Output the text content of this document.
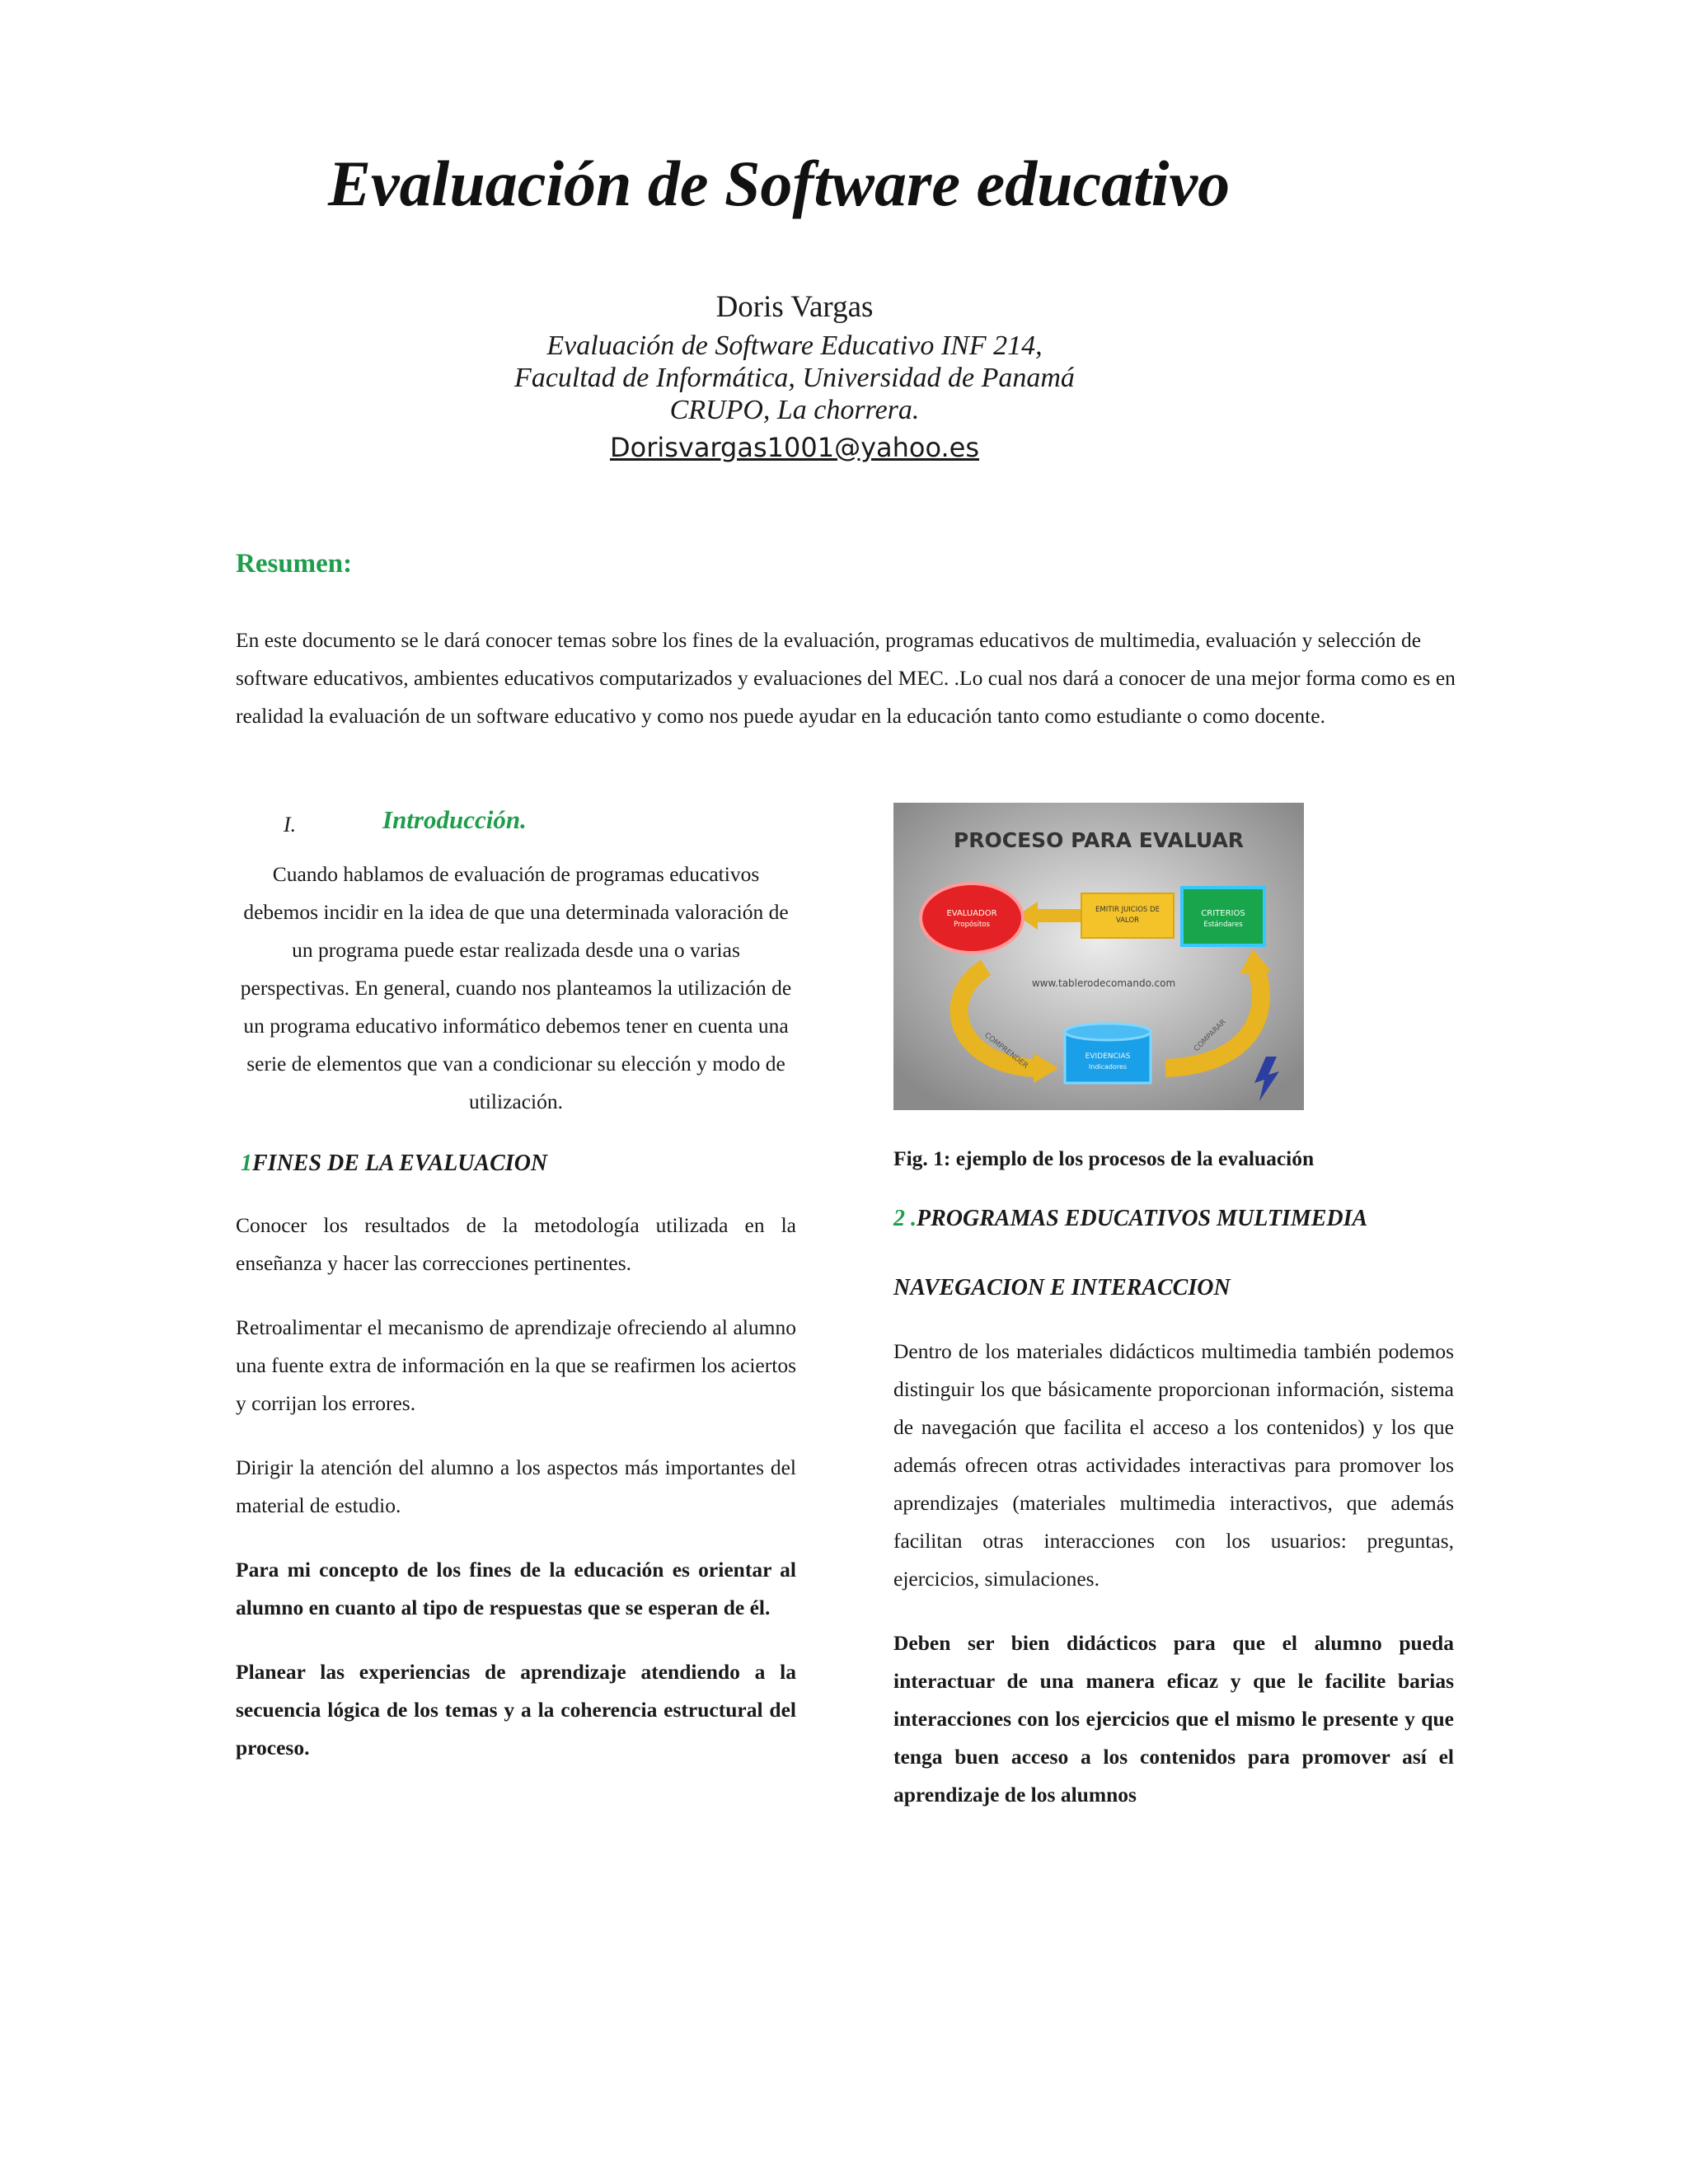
Evaluación de Software educativo
Doris Vargas
Evaluación de Software Educativo INF 214,
Facultad de Informática, Universidad de Panamá
CRUPO, La chorrera.
Dorisvargas1001@yahoo.es
Resumen:

En este documento se le dará conocer temas sobre los fines de la evaluación, programas educativos de multimedia, evaluación y selección de software educativos, ambientes educativos computarizados y evaluaciones del MEC. .Lo cual nos dará a conocer de una mejor forma como es en realidad la evaluación de un software educativo y como nos puede ayudar en la educación tanto como estudiante o como docente.

I.	Introducción.

Cuando hablamos de evaluación de programas educativos debemos incidir en la idea de que una determinada valoración de un programa puede estar realizada desde una o varias perspectivas. En general, cuando nos planteamos la utilización de un programa educativo informático debemos tener en cuenta una serie de elementos que van a condicionar su elección y modo de utilización.

1FINES DE LA EVALUACION

Conocer los resultados de la metodología utilizada en la enseñanza y hacer las correcciones pertinentes.

Retroalimentar el mecanismo de aprendizaje ofreciendo al alumno una fuente extra de información en la que se reafirmen los aciertos y corrijan los errores.

Dirigir la atención del alumno a los aspectos más importantes del material de estudio.

Para mi concepto de los fines de la educación es orientar al alumno en cuanto al tipo de respuestas que se esperan de él.

Planear las experiencias de aprendizaje atendiendo a la secuencia lógica de los temas y a la coherencia estructural del proceso.

PROCESO PARA EVALUAR
EVALUADOR
Propósitos
EMITIR JUICIOS DE
VALOR
CRITERIOS
Estándares
www.tablerodecomando.com
COMPRENDER	COMPARAR
EVIDENCIAS
Indicadores

Fig. 1: ejemplo de los procesos de la evaluación

2 .PROGRAMAS EDUCATIVOS MULTIMEDIA
NAVEGACION E INTERACCION

Dentro de los materiales didácticos multimedia también podemos distinguir los que básicamente proporcionan información, sistema de navegación que facilita el acceso a los contenidos) y los que además ofrecen otras actividades interactivas para promover los aprendizajes (materiales multimedia interactivos, que además facilitan otras interacciones con los usuarios: preguntas, ejercicios, simulaciones.

Deben ser bien didácticos para que el alumno pueda interactuar de una manera eficaz y que le facilite barias interacciones con los ejercicios que el mismo le presente y que tenga buen acceso a los contenidos para promover así el aprendizaje de los alumnos
